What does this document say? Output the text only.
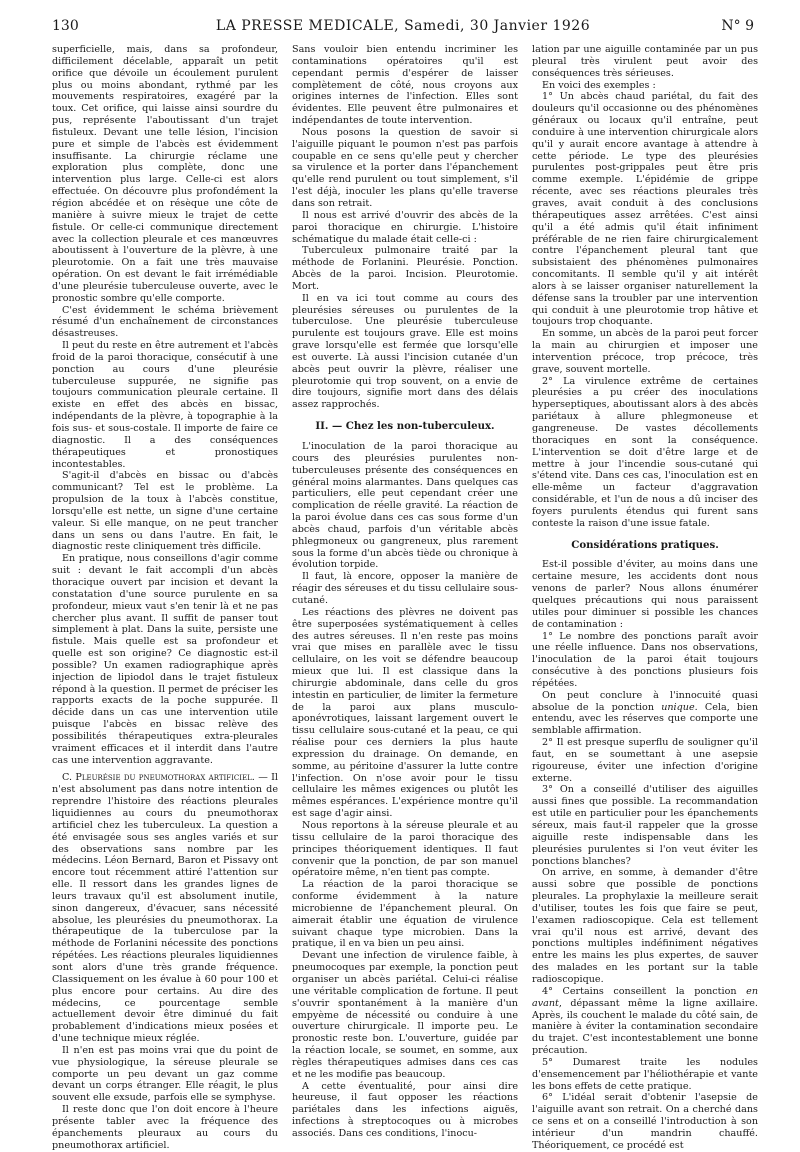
130	LA PRESSE MEDICALE, Samedi, 30 Janvier 1926	N° 9

superficielle, mais, dans sa profondeur, difficilement décelable, apparaît un petit orifice que dévoile un écoulement purulent plus ou moins abondant, rythmé par les mouvements respiratoires, exagéré par la toux. Cet orifice, qui laisse ainsi sourdre du pus, représente l'aboutissant d'un trajet fistuleux. Devant une telle lésion, l'incision pure et simple de l'abcès est évidemment insuffisante. La chirurgie réclame une exploration plus complète, donc une intervention plus large. Celle-ci est alors effectuée. On découvre plus profondément la région abcédée et on résèque une côte de manière à suivre mieux le trajet de cette fistule. Or celle-ci communique directement avec la collection pleurale et ces manœuvres aboutissent à l'ouverture de la plèvre, à une pleurotomie. On a fait une très mauvaise opération. On est devant le fait irrémédiable d'une pleurésie tuberculeuse ouverte, avec le pronostic sombre qu'elle comporte.

C'est évidemment le schéma brièvement résumé d'un enchaînement de circonstances désastreuses.

Il peut du reste en être autrement et l'abcès froid de la paroi thoracique, consécutif à une ponction au cours d'une pleurésie tuberculeuse suppurée, ne signifie pas toujours communication pleurale certaine. Il existe en effet des abcès en bissac, indépendants de la plèvre, à topographie à la fois sus- et sous-costale. Il importe de faire ce diagnostic. Il a des conséquences thérapeutiques et pronostiques incontestables.

S'agit-il d'abcès en bissac ou d'abcès communicant? Tel est le problème. La propulsion de la toux à l'abcès constitue, lorsqu'elle est nette, un signe d'une certaine valeur. Si elle manque, on ne peut trancher dans un sens ou dans l'autre. En fait, le diagnostic reste cliniquement très difficile.

En pratique, nous conseillons d'agir comme suit : devant le fait accompli d'un abcès thoracique ouvert par incision et devant la constatation d'une source purulente en sa profondeur, mieux vaut s'en tenir là et ne pas chercher plus avant. Il suffit de panser tout simplement à plat. Dans la suite, persiste une fistule. Mais quelle est sa profondeur et quelle est son origine? Ce diagnostic est-il possible? Un examen radiographique après injection de lipiodol dans le trajet fistuleux répond à la question. Il permet de préciser les rapports exacts de la poche suppurée. Il décide dans un cas une intervention utile puisque l'abcès en bissac relève des possibilités thérapeutiques extra-pleurales vraiment efficaces et il interdit dans l'autre cas une intervention aggravante.

C. Pleurésie du pneumothorax artificiel. — Il n'est absolument pas dans notre intention de reprendre l'histoire des réactions pleurales liquidiennes au cours du pneumothorax artificiel chez les tuberculeux. La question a été envisagée sous ses angles variés et sur des observations sans nombre par les médecins. Léon Bernard, Baron et Pissavy ont encore tout récemment attiré l'attention sur elle. Il ressort dans les grandes lignes de leurs travaux qu'il est absolument inutile, sinon dangereux, d'évacuer, sans nécessité absolue, les pleurésies du pneumothorax. La thérapeutique de la tuberculose par la méthode de Forlanini nécessite des ponctions répétées. Les réactions pleurales liquidiennes sont alors d'une très grande fréquence. Classiquement on les évalue à 60 pour 100 et plus encore pour certains. Au dire des médecins, ce pourcentage semble actuellement devoir être diminué du fait probablement d'indications mieux posées et d'une technique mieux réglée.

Il n'en est pas moins vrai que du point de vue physiologique, la séreuse pleurale se comporte un peu devant un gaz comme devant un corps étranger. Elle réagit, le plus souvent elle exsude, parfois elle se symphyse.

Il reste donc que l'on doit encore à l'heure présente tabler avec la fréquence des épanchements pleuraux au cours du pneumothorax artificiel.

Sans vouloir bien entendu incriminer les contaminations opératoires qu'il est cependant permis d'espérer de laisser complètement de côté, nous croyons aux origines internes de l'infection. Elles sont évidentes. Elle peuvent être pulmonaires et indépendantes de toute intervention.

Nous posons la question de savoir si l'aiguille piquant le poumon n'est pas parfois coupable en ce sens qu'elle peut y chercher sa virulence et la porter dans l'épanchement qu'elle rend purulent ou tout simplement, s'il l'est déjà, inoculer les plans qu'elle traverse dans son retrait.

Il nous est arrivé d'ouvrir des abcès de la paroi thoracique en chirurgie. L'histoire schématique du malade était celle-ci :

Tuberculeux pulmonaire traité par la méthode de Forlanini. Pleurésie. Ponction. Abcès de la paroi. Incision. Pleurotomie. Mort.

Il en va ici tout comme au cours des pleurésies séreuses ou purulentes de la tuberculose. Une pleurésie tuberculeuse purulente est toujours grave. Elle est moins grave lorsqu'elle est fermée que lorsqu'elle est ouverte. Là aussi l'incision cutanée d'un abcès peut ouvrir la plèvre, réaliser une pleurotomie qui trop souvent, on a envie de dire toujours, signifie mort dans des délais assez rapprochés.

II. — Chez les non-tuberculeux.

L'inoculation de la paroi thoracique au cours des pleurésies purulentes non-tuberculeuses présente des conséquences en général moins alarmantes. Dans quelques cas particuliers, elle peut cependant créer une complication de réelle gravité. La réaction de la paroi évolue dans ces cas sous forme d'un abcès chaud, parfois d'un véritable abcès phlegmoneux ou gangreneux, plus rarement sous la forme d'un abcès tiède ou chronique à évolution torpide.

Il faut, là encore, opposer la manière de réagir des séreuses et du tissu cellulaire sous-cutané.

Les réactions des plèvres ne doivent pas être superposées systématiquement à celles des autres séreuses. Il n'en reste pas moins vrai que mises en parallèle avec le tissu cellulaire, on les voit se défendre beaucoup mieux que lui. Il est classique dans la chirurgie abdominale, dans celle du gros intestin en particulier, de limiter la fermeture de la paroi aux plans musculo-aponévrotiques, laissant largement ouvert le tissu cellulaire sous-cutané et la peau, ce qui réalise pour ces derniers la plus haute expression du drainage. On demande, en somme, au péritoine d'assurer la lutte contre l'infection. On n'ose avoir pour le tissu cellulaire les mêmes exigences ou plutôt les mêmes espérances. L'expérience montre qu'il est sage d'agir ainsi.

Nous reportons à la séreuse pleurale et au tissu cellulaire de la paroi thoracique des principes théoriquement identiques. Il faut convenir que la ponction, de par son manuel opératoire même, n'en tient pas compte.

La réaction de la paroi thoracique se conforme évidemment à la nature microbienne de l'épanchement pleural. On aimerait établir une équation de virulence suivant chaque type microbien. Dans la pratique, il en va bien un peu ainsi.

Devant une infection de virulence faible, à pneumocoques par exemple, la ponction peut organiser un abcès pariétal. Celui-ci réalise une véritable complication de fortune. Il peut s'ouvrir spontanément à la manière d'un empyème de nécessité ou conduire à une ouverture chirurgicale. Il importe peu. Le pronostic reste bon. L'ouverture, guidée par la réaction locale, se soumet, en somme, aux règles thérapeutiques admises dans ces cas et ne les modifie pas beaucoup.

A cette éventualité, pour ainsi dire heureuse, il faut opposer les réactions pariétales dans les infections aiguës, infections à streptocoques ou à microbes associés. Dans ces conditions, l'inocu-

lation par une aiguille contaminée par un pus pleural très virulent peut avoir des conséquences très sérieuses.

En voici des exemples :

1° Un abcès chaud pariétal, du fait des douleurs qu'il occasionne ou des phénomènes généraux ou locaux qu'il entraîne, peut conduire à une intervention chirurgicale alors qu'il y aurait encore avantage à attendre à cette période. Le type des pleurésies purulentes post-grippales peut être pris comme exemple. L'épidémie de grippe récente, avec ses réactions pleurales très graves, avait conduit à des conclusions thérapeutiques assez arrêtées. C'est ainsi qu'il a été admis qu'il était infiniment préférable de ne rien faire chirurgicalement contre l'épanchement pleural tant que subsistaient des phénomènes pulmonaires concomitants. Il semble qu'il y ait intérêt alors à se laisser organiser naturellement la défense sans la troubler par une intervention qui conduit à une pleurotomie trop hâtive et toujours trop choquante.

En somme, un abcès de la paroi peut forcer la main au chirurgien et imposer une intervention précoce, trop précoce, très grave, souvent mortelle.

2° La virulence extrême de certaines pleurésies a pu créer des inoculations hyperseptiques, aboutissant alors à des abcès pariétaux à allure phlegmoneuse et gangreneuse. De vastes décollements thoraciques en sont la conséquence. L'intervention se doit d'être large et de mettre à jour l'incendie sous-cutané qui s'étend vite. Dans ces cas, l'inoculation est en elle-même un facteur d'aggravation considérable, et l'un de nous a dû inciser des foyers purulents étendus qui furent sans conteste la raison d'une issue fatale.

Considérations pratiques.

Est-il possible d'éviter, au moins dans une certaine mesure, les accidents dont nous venons de parler? Nous allons énumérer quelques précautions qui nous paraissent utiles pour diminuer si possible les chances de contamination :

1° Le nombre des ponctions paraît avoir une réelle influence. Dans nos observations, l'inoculation de la paroi était toujours consécutive à des ponctions plusieurs fois répétées.

On peut conclure à l'innocuité quasi absolue de la ponction unique. Cela, bien entendu, avec les réserves que comporte une semblable affirmation.

2° Il est presque superflu de souligner qu'il faut, en se soumettant à une asepsie rigoureuse, éviter une infection d'origine externe.

3° On a conseillé d'utiliser des aiguilles aussi fines que possible. La recommandation est utile en particulier pour les épanchements séreux, mais faut-il rappeler que la grosse aiguille reste indispensable dans les pleurésies purulentes si l'on veut éviter les ponctions blanches?

On arrive, en somme, à demander d'être aussi sobre que possible de ponctions pleurales. La prophylaxie la meilleure serait d'utiliser, toutes les fois que faire se peut, l'examen radioscopique. Cela est tellement vrai qu'il nous est arrivé, devant des ponctions multiples indéfiniment négatives entre les mains les plus expertes, de sauver des malades en les portant sur la table radioscopique.

4° Certains conseillent la ponction en avant, dépassant même la ligne axillaire. Après, ils couchent le malade du côté sain, de manière à éviter la contamination secondaire du trajet. C'est incontestablement une bonne précaution.

5° Dumarest traite les nodules d'ensemencement par l'héliothérapie et vante les bons effets de cette pratique.

6° L'idéal serait d'obtenir l'asepsie de l'aiguille avant son retrait. On a cherché dans ce sens et on a conseillé l'introduction à son intérieur d'un mandrin chauffé. Théoriquement, ce procédé est
